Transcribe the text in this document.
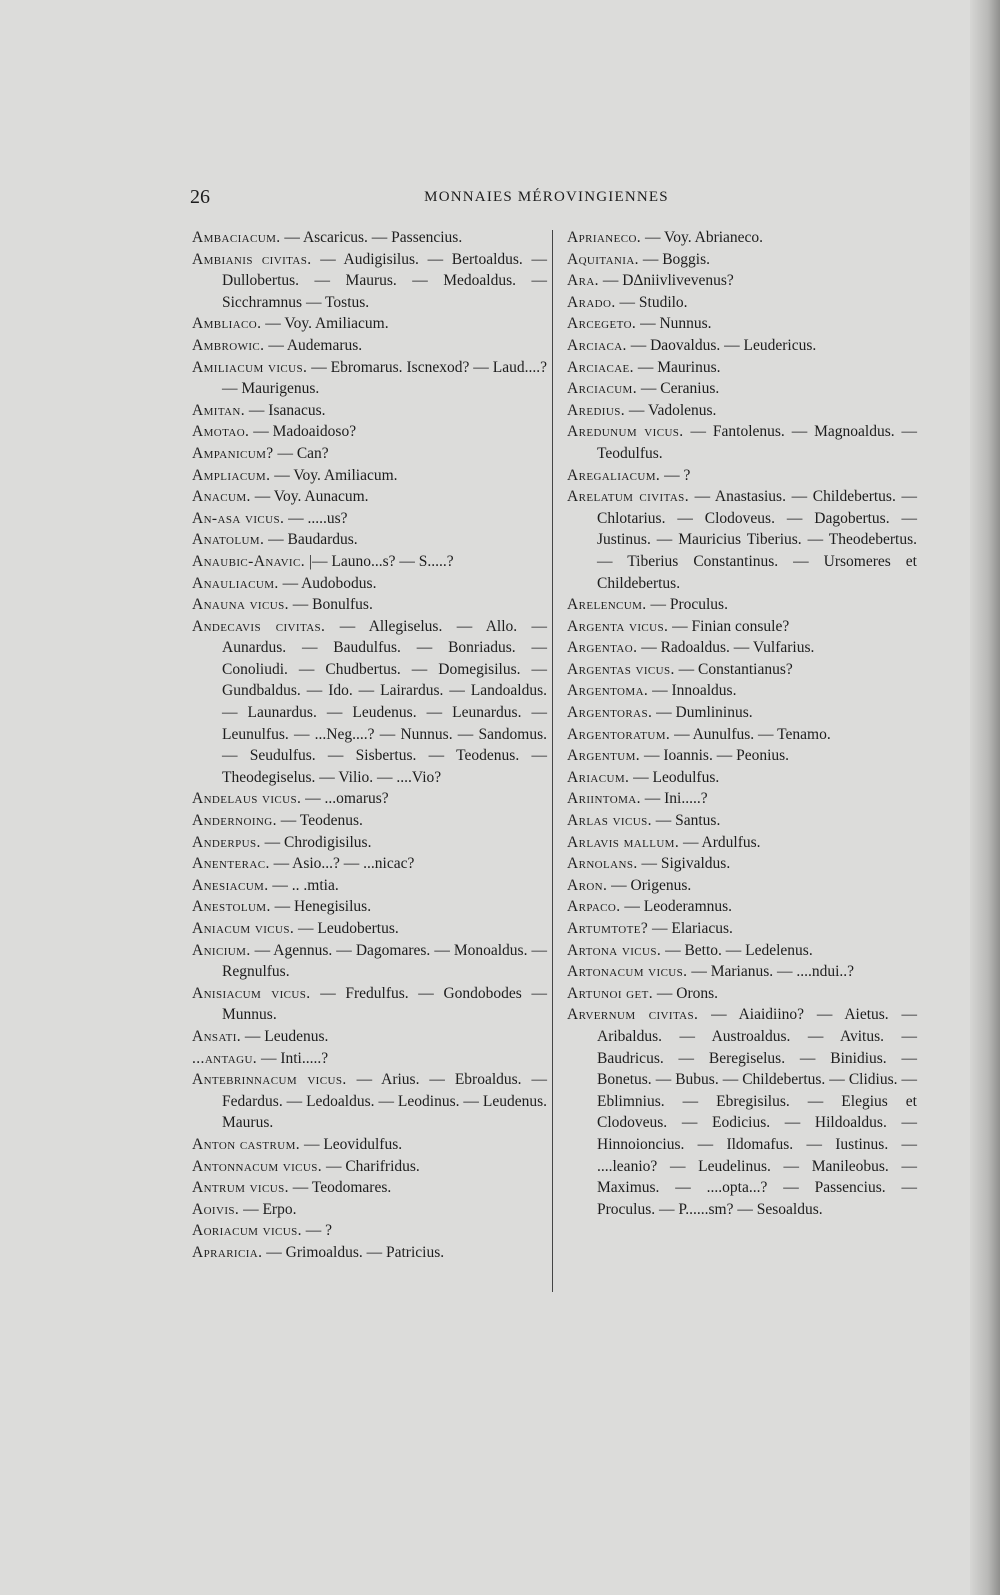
26	MONNAIES MÉROVINGIENNES

Ambaciacum. — Ascaricus. — Passencius.

Ambianis civitas. — Audigisilus. — Bertoaldus. — Dullobertus. — Maurus. — Medoaldus. — Sicchramnus — Tostus.

Ambliaco. — Voy. Amiliacum.

Ambrowic. — Audemarus.

Amiliacum vicus. — Ebromarus. Iscnexod? — Laud....? — Maurigenus.

Amitan. — Isanacus.

Amotao. — Madoaidoso?

Ampanicum? — Can?

Ampliacum. — Voy. Amiliacum.

Anacum. — Voy. Aunacum.

An-asa vicus. — .....us?

Anatolum. — Baudardus.

Anaubic-Anavic. |— Launo...s? — S.....?

Anauliacum. — Audobodus.

Anauna vicus. — Bonulfus.

Andecavis civitas. — Allegiselus. — Allo. — Aunardus. — Baudulfus. — Bonriadus. — Conoliudi. — Chudbertus. — Domegisilus. — Gundbaldus. — Ido. — Lairardus. — Landoaldus. — Launardus. — Leudenus. — Leunardus. — Leunulfus. — ...Neg....? — Nunnus. — Sandomus. — Seudulfus. — Sisbertus. — Teodenus. — Theodegiselus. — Vilio. — ....Vio?

Andelaus vicus. — ...omarus?

Andernoing. — Teodenus.

Anderpus. — Chrodigisilus.

Anenterac. — Asio...? — ...nicac?

Anesiacum. — .. .mtia.

Anestolum. — Henegisilus.

Aniacum vicus. — Leudobertus.

Anicium. — Agennus. — Dagomares. — Monoaldus. — Regnulfus.

Anisiacum vicus. — Fredulfus. — Gondobodes — Munnus.

Ansati. — Leudenus.

...antagu. — Inti.....?

Antebrinnacum vicus. — Arius. — Ebroaldus. — Fedardus. — Ledoaldus. — Leodinus. — Leudenus. Maurus.

Anton castrum. — Leovidulfus.

Antonnacum vicus. — Charifridus.

Antrum vicus. — Teodomares.

Aoivis. — Erpo.

Aoriacum vicus. — ?

Apraricia. — Grimoaldus. — Patricius.

Aprianeco. — Voy. Abrianeco.

Aquitania. — Boggis.

Ara. — DΔniivlivevenus?

Arado. — Studilo.

Arcegeto. — Nunnus.

Arciaca. — Daovaldus. — Leudericus.

Arciacae. — Maurinus.

Arciacum. — Ceranius.

Aredius. — Vadolenus.

Aredunum vicus. — Fantolenus. — Magnoaldus. — Teodulfus.

Aregaliacum. — ?

Arelatum civitas. — Anastasius. — Childebertus. — Chlotarius. — Clodoveus. — Dagobertus. — Justinus. — Mauricius Tiberius. — Theodebertus. — Tiberius Constantinus. — Ursomeres et Childebertus.

Arelencum. — Proculus.

Argenta vicus. — Finian consule?

Argentao. — Radoaldus. — Vulfarius.

Argentas vicus. — Constantianus?

Argentoma. — Innoaldus.

Argentoras. — Dumlininus.

Argentoratum. — Aunulfus. — Tenamo.

Argentum. — Ioannis. — Peonius.

Ariacum. — Leodulfus.

Ariintoma. — Ini.....?

Arlas vicus. — Santus.

Arlavis mallum. — Ardulfus.

Arnolans. — Sigivaldus.

Aron. — Origenus.

Arpaco. — Leoderamnus.

Artumtote? — Elariacus.

Artona vicus. — Betto. — Ledelenus.

Artonacum vicus. — Marianus. — ....ndui..?

Artunoi get. — Orons.

Arvernum civitas. — Aiaidiino? — Aietus. — Aribaldus. — Austroaldus. — Avitus. — Baudricus. — Beregiselus. — Binidius. — Bonetus. — Bubus. — Childebertus. — Clidius. — Eblimnius. — Ebregisilus. — Elegius et Clodoveus. — Eodicius. — Hildoaldus. — Hinnoioncius. — Ildomafus. — Iustinus. — ....leanio? — Leudelinus. — Manileobus. — Maximus. — ....opta...? — Passencius. — Proculus. — P......sm? — Sesoaldus.
